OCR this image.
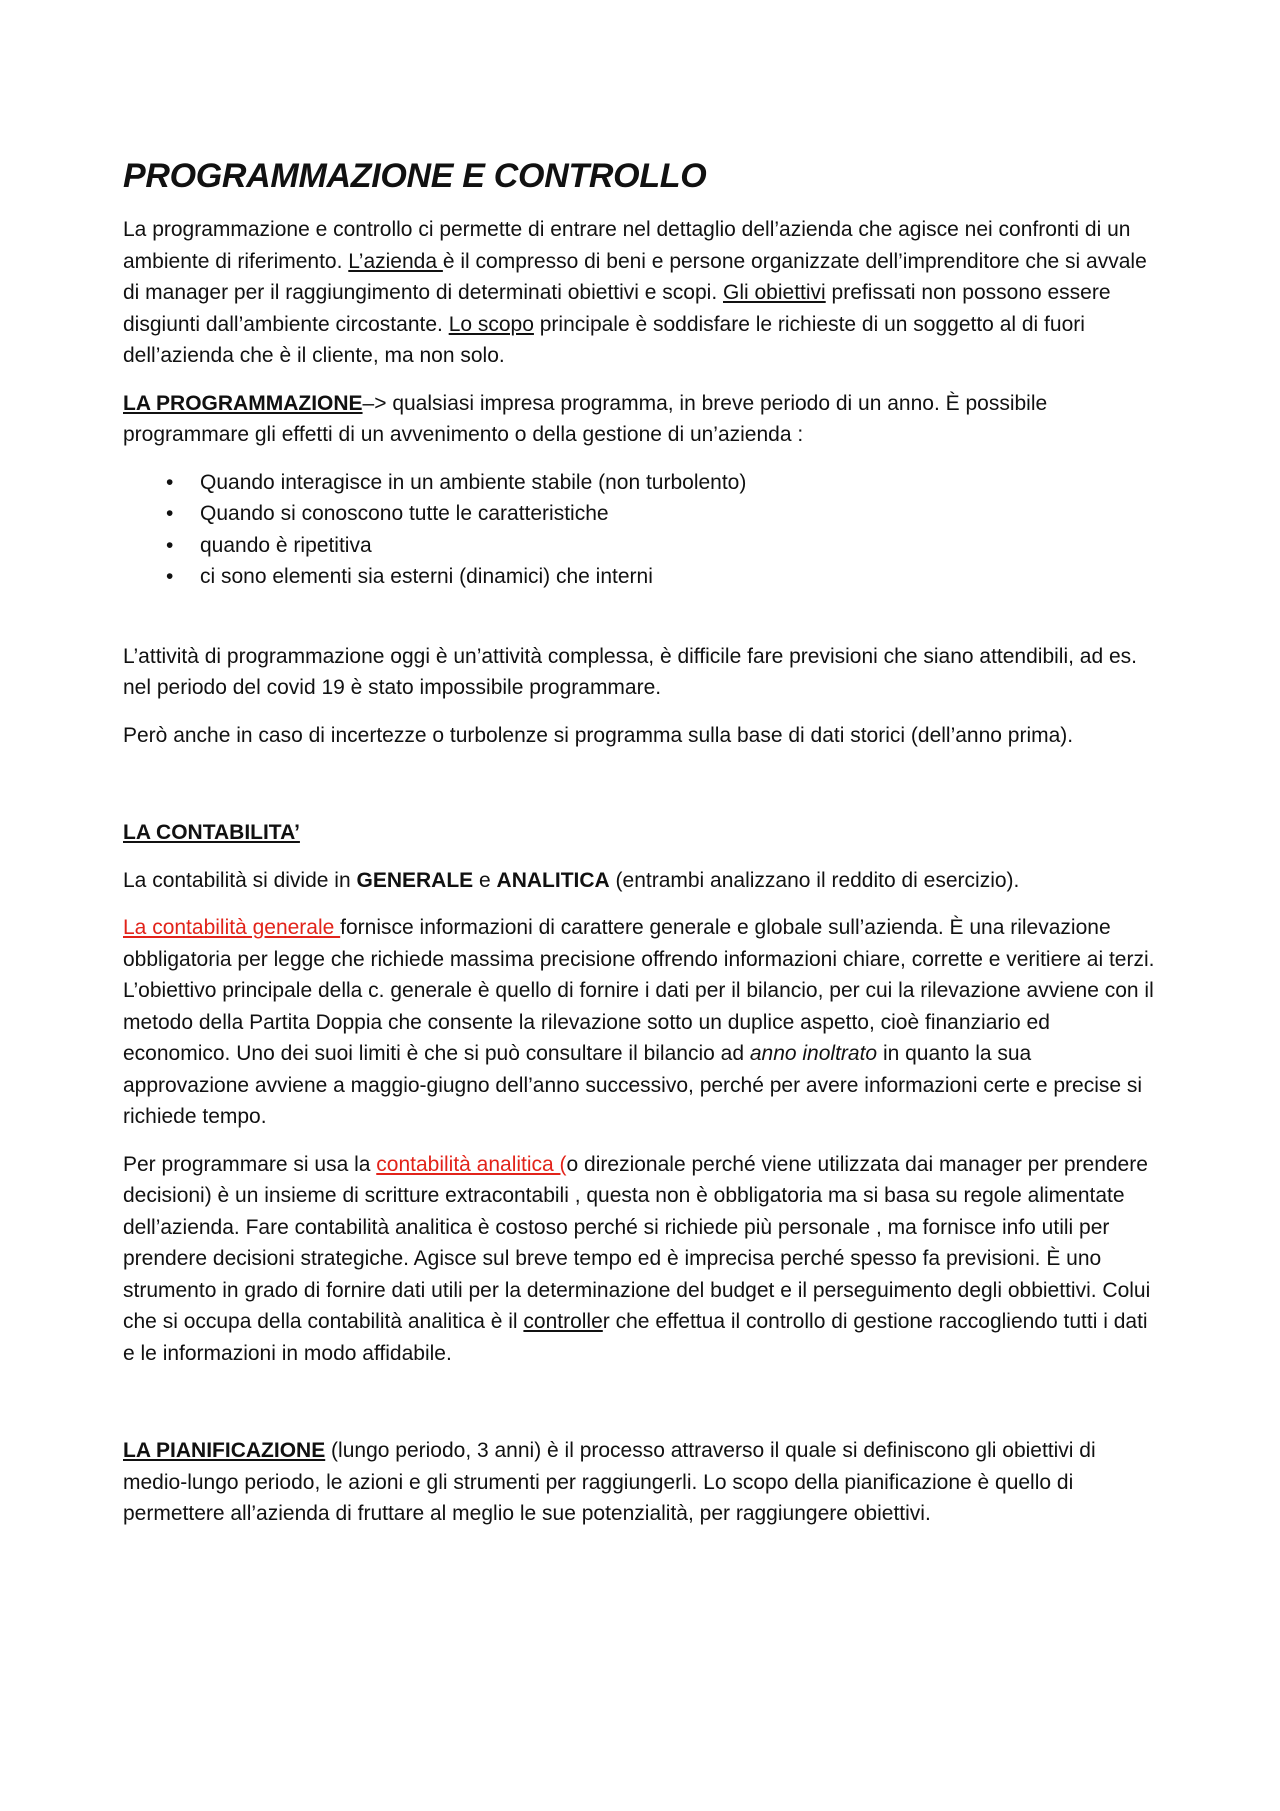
PROGRAMMAZIONE E CONTROLLO

La programmazione e controllo ci permette di entrare nel dettaglio dell’azienda che agisce nei confronti di un ambiente di riferimento. L’azienda è il compresso di beni e persone organizzate dell’imprenditore che si avvale di manager per il raggiungimento di determinati obiettivi e scopi. Gli obiettivi prefissati non possono essere disgiunti dall’ambiente circostante. Lo scopo principale è soddisfare le richieste di un soggetto al di fuori dell’azienda che è il cliente, ma non solo.

LA PROGRAMMAZIONE–> qualsiasi impresa programma, in breve periodo di un anno. È possibile programmare gli effetti di un avvenimento o della gestione di un’azienda :

• Quando interagisce in un ambiente stabile (non turbolento)
• Quando si conoscono tutte le caratteristiche
• quando è ripetitiva
• ci sono elementi sia esterni (dinamici) che interni

L’attività di programmazione oggi è un’attività complessa, è difficile fare previsioni che siano attendibili, ad es. nel periodo del covid 19 è stato impossibile programmare.

Però anche in caso di incertezze o turbolenze si programma sulla base di dati storici (dell’anno prima).

LA CONTABILITA’

La contabilità si divide in GENERALE e ANALITICA (entrambi analizzano il reddito di esercizio).

La contabilità generale fornisce informazioni di carattere generale e globale sull’azienda. È una rilevazione obbligatoria per legge che richiede massima precisione offrendo informazioni chiare, corrette e veritiere ai terzi. L’obiettivo principale della c. generale è quello di fornire i dati per il bilancio, per cui la rilevazione avviene con il metodo della Partita Doppia che consente la rilevazione sotto un duplice aspetto, cioè finanziario ed economico. Uno dei suoi limiti è che si può consultare il bilancio ad anno inoltrato in quanto la sua approvazione avviene a maggio-giugno dell’anno successivo, perché per avere informazioni certe e precise si richiede tempo.

Per programmare si usa la contabilità analitica (o direzionale perché viene utilizzata dai manager per prendere decisioni) è un insieme di scritture extracontabili , questa non è obbligatoria ma si basa su regole alimentate dell’azienda. Fare contabilità analitica è costoso perché si richiede più personale , ma fornisce info utili per prendere decisioni strategiche. Agisce sul breve tempo ed è imprecisa perché spesso fa previsioni. È uno strumento in grado di fornire dati utili per la determinazione del budget e il perseguimento degli obbiettivi. Colui che si occupa della contabilità analitica è il controller che effettua il controllo di gestione raccogliendo tutti i dati e le informazioni in modo affidabile.

LA PIANIFICAZIONE (lungo periodo, 3 anni) è il processo attraverso il quale si definiscono gli obiettivi di medio-lungo periodo, le azioni e gli strumenti per raggiungerli. Lo scopo della pianificazione è quello di permettere all’azienda di fruttare al meglio le sue potenzialità, per raggiungere obiettivi.
